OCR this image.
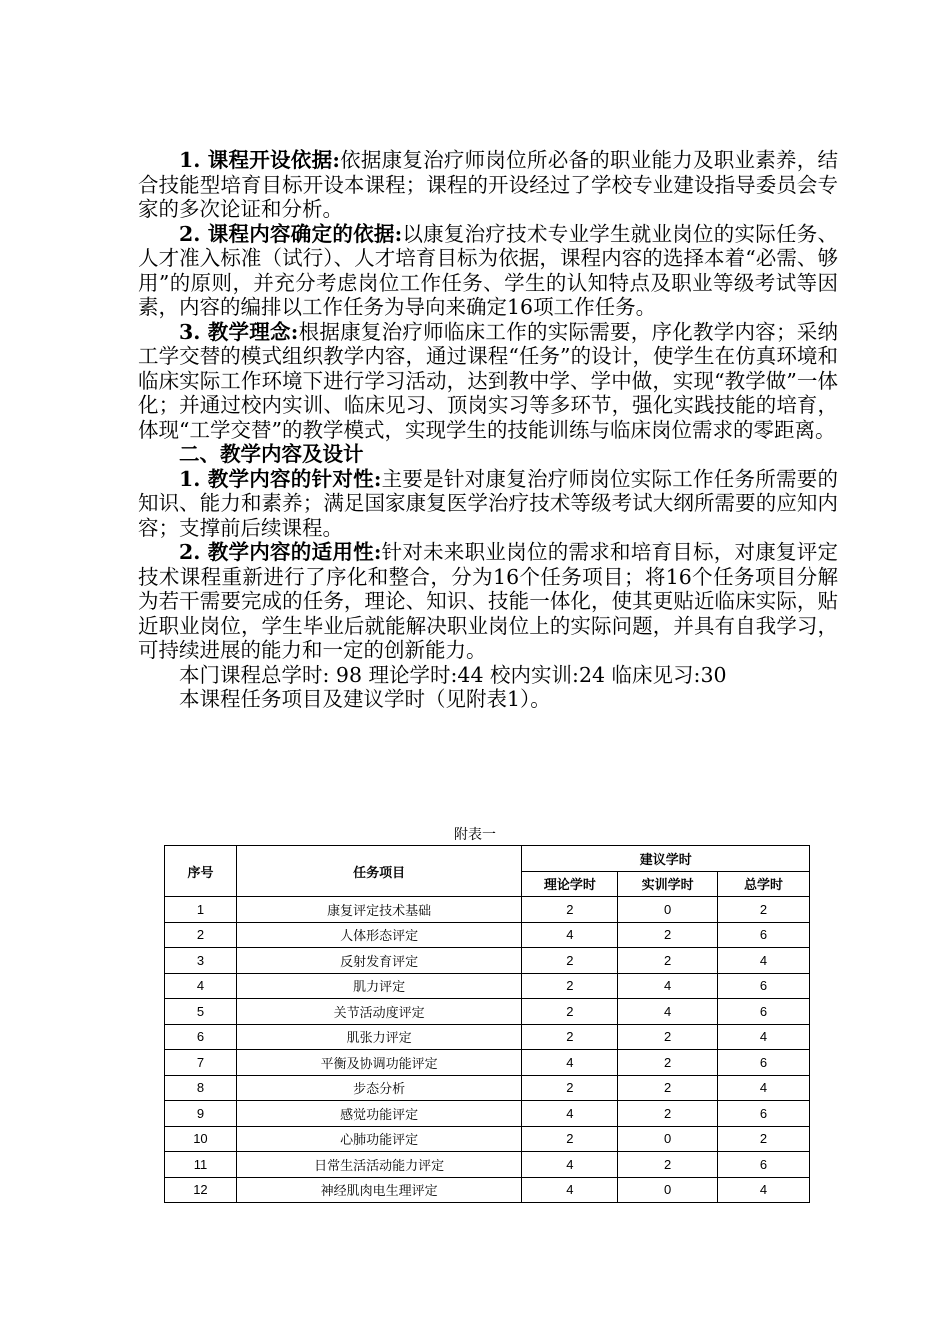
1. 课程开设依据:依据康复治疗师岗位所必备的职业能力及职业素养，结合技能型培育目标开设本课程；课程的开设经过了学校专业建设指导委员会专家的多次论证和分析。

2. 课程内容确定的依据:以康复治疗技术专业学生就业岗位的实际任务、人才准入标准（试行）、人才培育目标为依据，课程内容的选择本着“必需、够用”的原则，并充分考虑岗位工作任务、学生的认知特点及职业等级考试等因素，内容的编排以工作任务为导向来确定16项工作任务。

3. 教学理念:根据康复治疗师临床工作的实际需要，序化教学内容；采纳工学交替的模式组织教学内容，通过课程“任务”的设计，使学生在仿真环境和临床实际工作环境下进行学习活动，达到教中学、学中做，实现“教学做”一体化；并通过校内实训、临床见习、顶岗实习等多环节，强化实践技能的培育，体现“工学交替”的教学模式，实现学生的技能训练与临床岗位需求的零距离。

二、教学内容及设计

1. 教学内容的针对性:主要是针对康复治疗师岗位实际工作任务所需要的知识、能力和素养；满足国家康复医学治疗技术等级考试大纲所需要的应知内容；支撑前后续课程。

2. 教学内容的适用性:针对未来职业岗位的需求和培育目标，对康复评定技术课程重新进行了序化和整合，分为16个任务项目；将16个任务项目分解为若干需要完成的任务，理论、知识、技能一体化，使其更贴近临床实际，贴近职业岗位，学生毕业后就能解决职业岗位上的实际问题，并具有自我学习，可持续进展的能力和一定的创新能力。

本门课程总学时: 98 理论学时:44 校内实训:24 临床见习:30

本课程任务项目及建议学时（见附表1）。

附表一
序号	任务项目	建议学时		
		理论学时	实训学时	总学时
1	康复评定技术基础	2	0	2
2	人体形态评定	4	2	6
3	反射发育评定	2	2	4
4	肌力评定	2	4	6
5	关节活动度评定	2	4	6
6	肌张力评定	2	2	4
7	平衡及协调功能评定	4	2	6
8	步态分析	2	2	4
9	感觉功能评定	4	2	6
10	心肺功能评定	2	0	2
11	日常生活活动能力评定	4	2	6
12	神经肌肉电生理评定	4	0	4
